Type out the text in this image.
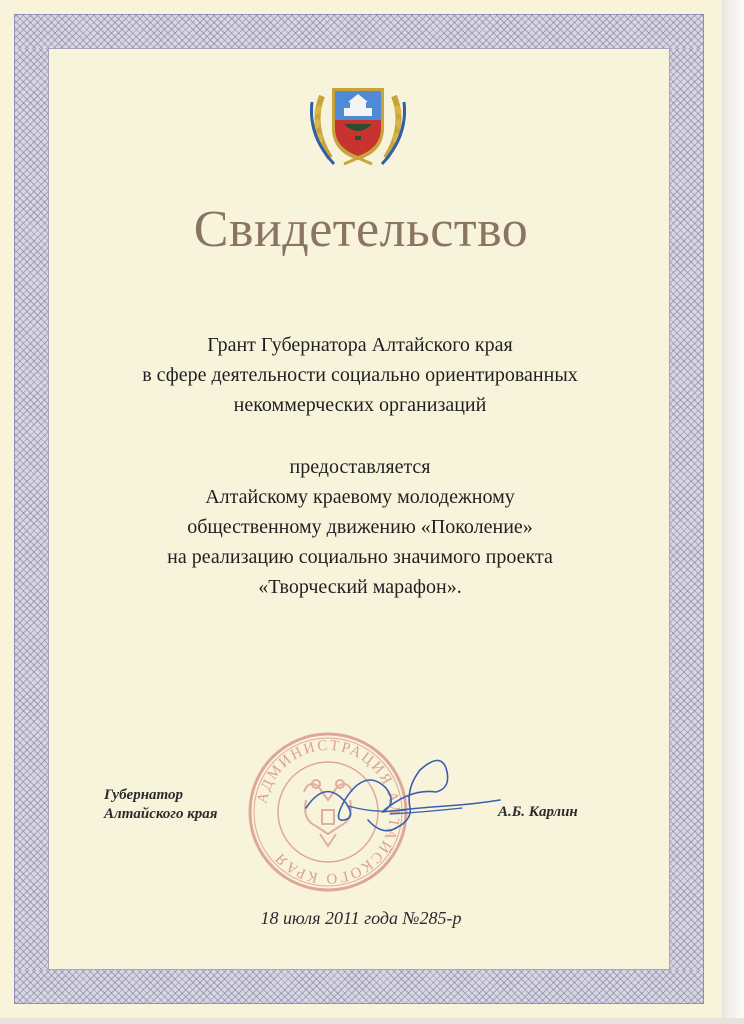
Свидетельство
Грант Губернатора Алтайского края
в сфере деятельности социально ориентированных
некоммерческих организаций
предоставляется
Алтайскому краевому молодежному
общественному движению «Поколение»
на реализацию социально значимого проекта
«Творческий марафон».
АДМИНИСТРАЦИЯ АЛТАЙСКОГО КРАЯ
Губернатор
Алтайского края	А.Б. Карлин
18 июля 2011 года №285-р
